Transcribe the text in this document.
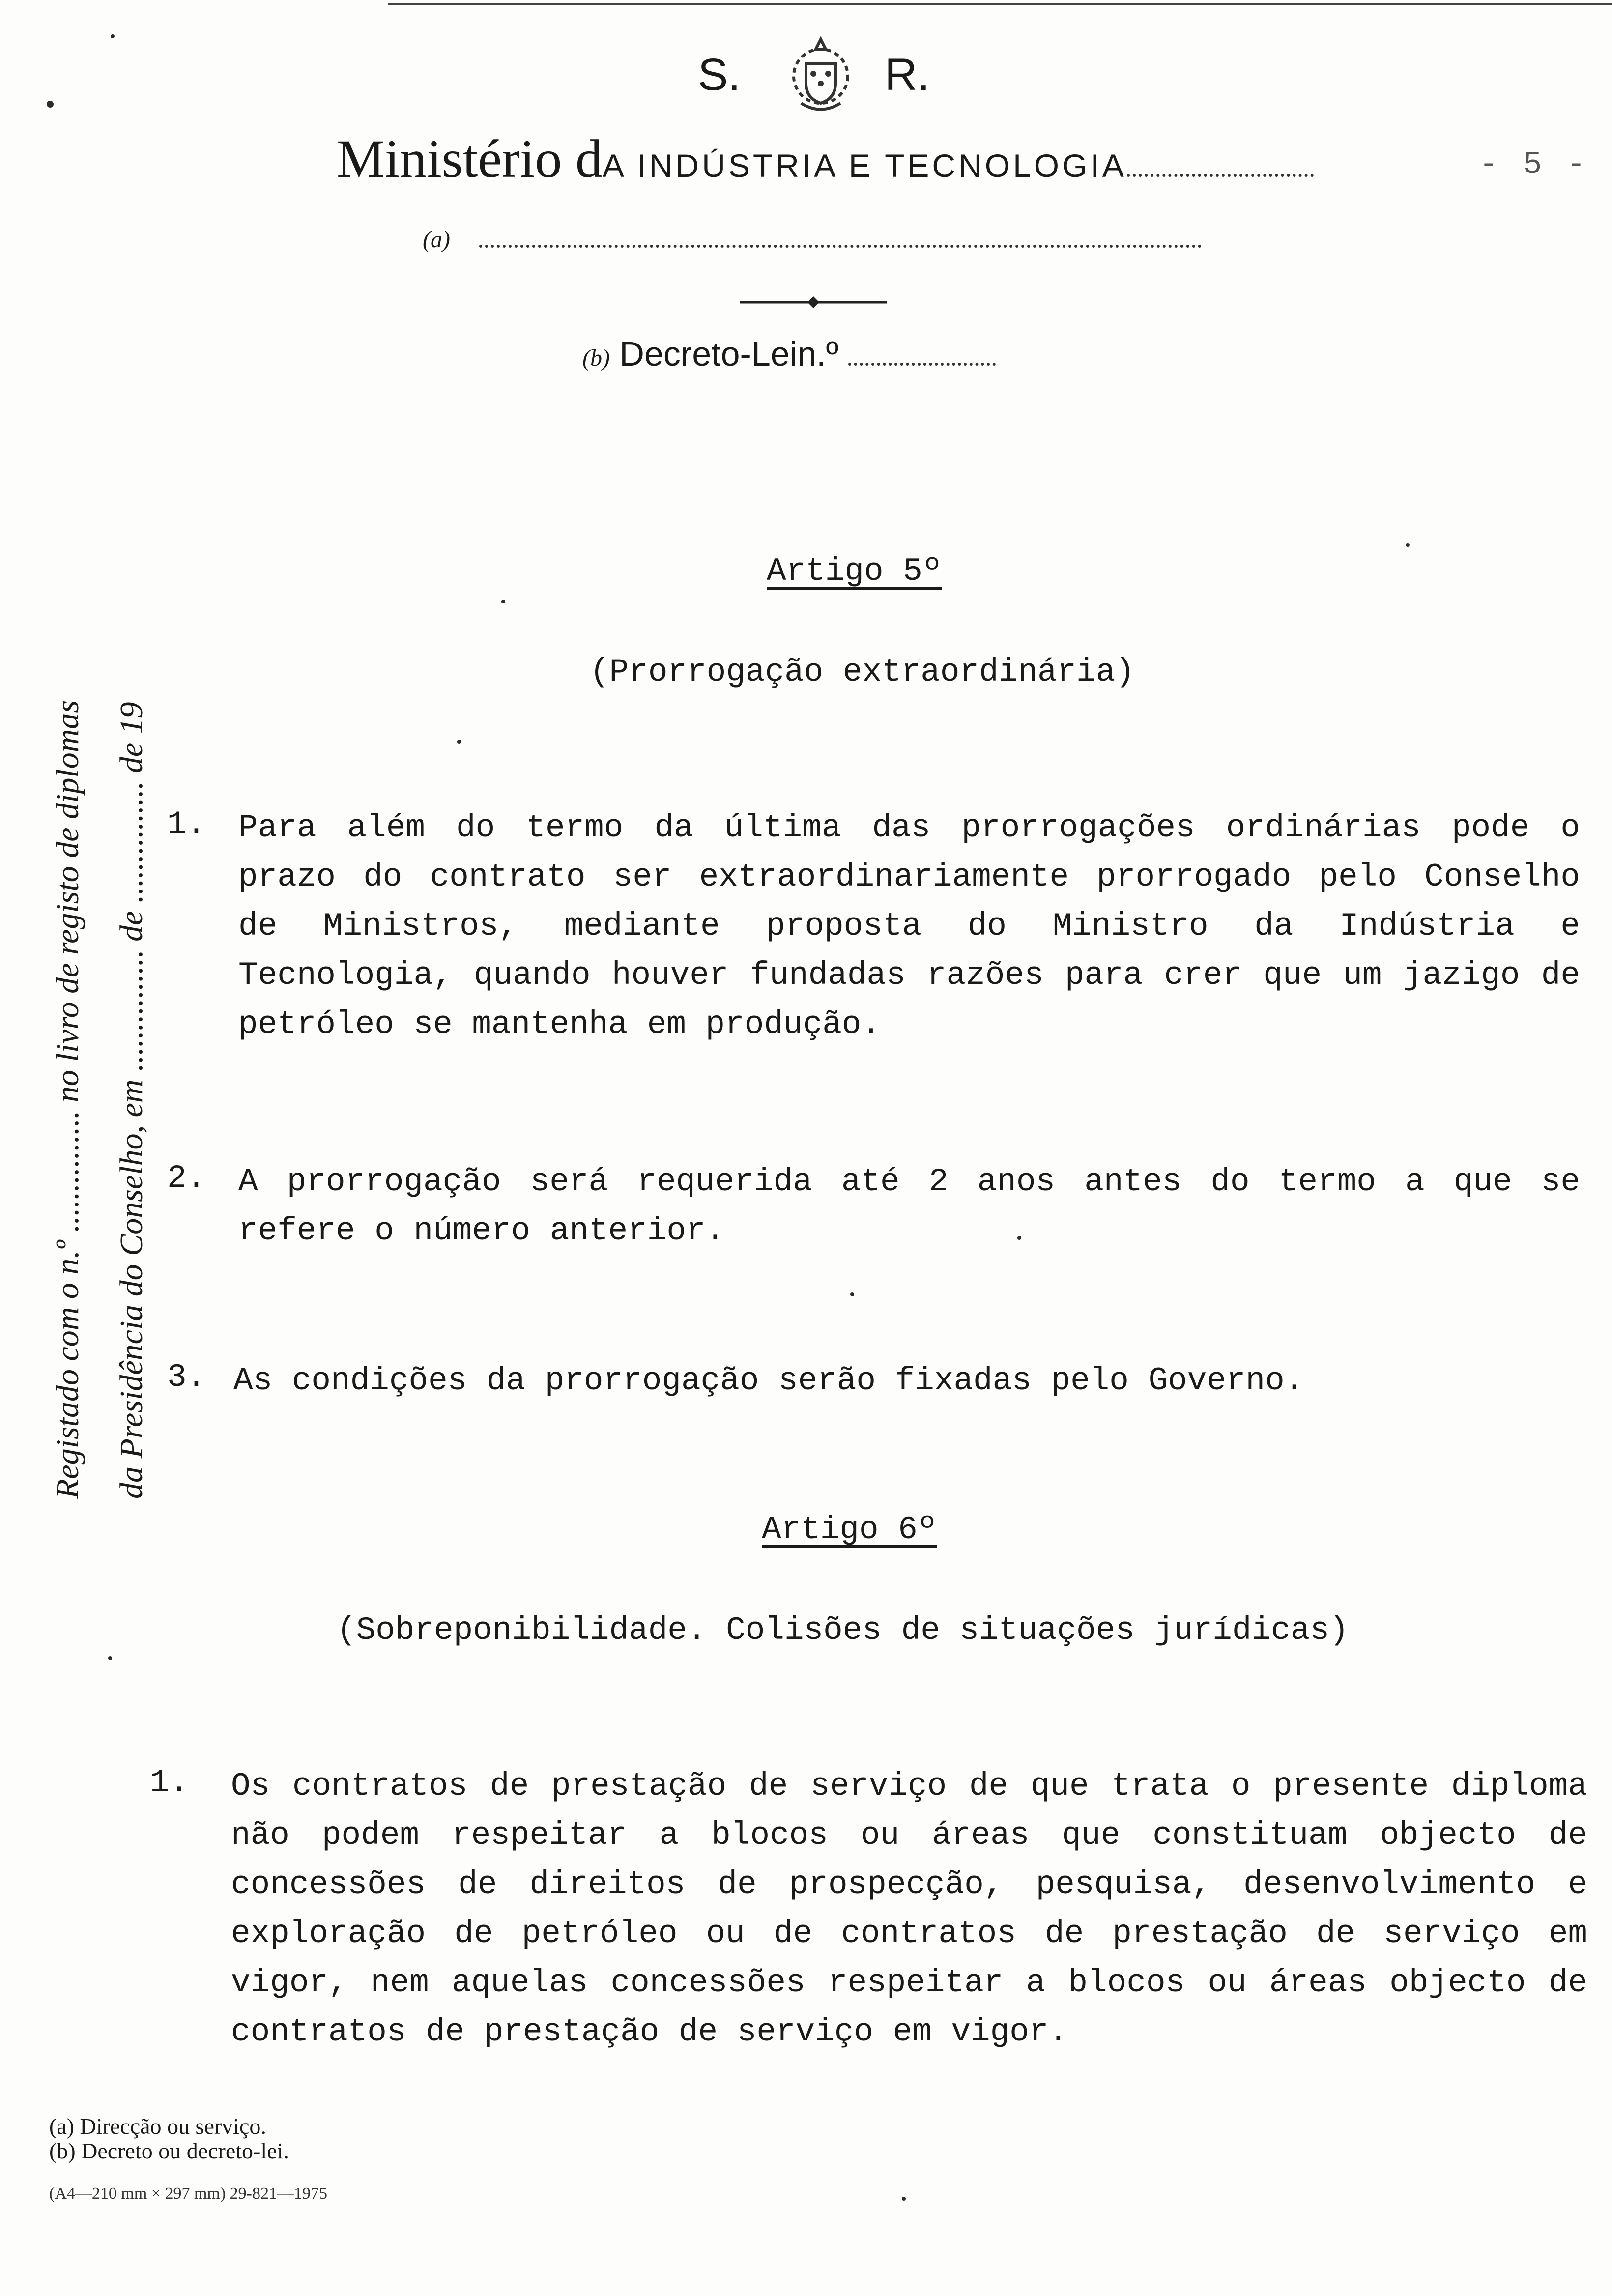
S.	R.
- 5 -
Ministério dA INDÚSTRIA E TECNOLOGIA
(a)
(b) Decreto-Lein.º
Registado com o n.º ............... no livro de registo de diplomas da Presidência do Conselho, em ............... de ............... de 19
Artigo 5º
(Prorrogação extraordinária)
1. Para além do termo da última das prorrogações ordinárias pode o prazo do contrato ser extraordinariamente prorrogado pelo Conselho de Ministros, mediante proposta do Ministro da Indústria e Tecnologia, quando houver fundadas razões para crer que um jazigo de petróleo se mantenha em produção.
2. A prorrogação será requerida até 2 anos antes do termo a que se refere o número anterior.
3. As condições da prorrogação serão fixadas pelo Governo.
Artigo 6º
(Sobreponibilidade. Colisões de situações jurídicas)
1. Os contratos de prestação de serviço de que trata o presente diploma não podem respeitar a blocos ou áreas que constituam objecto de concessões de direitos de prospecção, pesquisa, desenvolvimento e exploração de petróleo ou de contratos de prestação de serviço em vigor, nem aquelas concessões respeitar a blocos ou áreas objecto de contratos de prestação de serviço em vigor.
(a) Direcção ou serviço.
(b) Decreto ou decreto-lei.
(A4—210 mm × 297 mm) 29-821—1975
